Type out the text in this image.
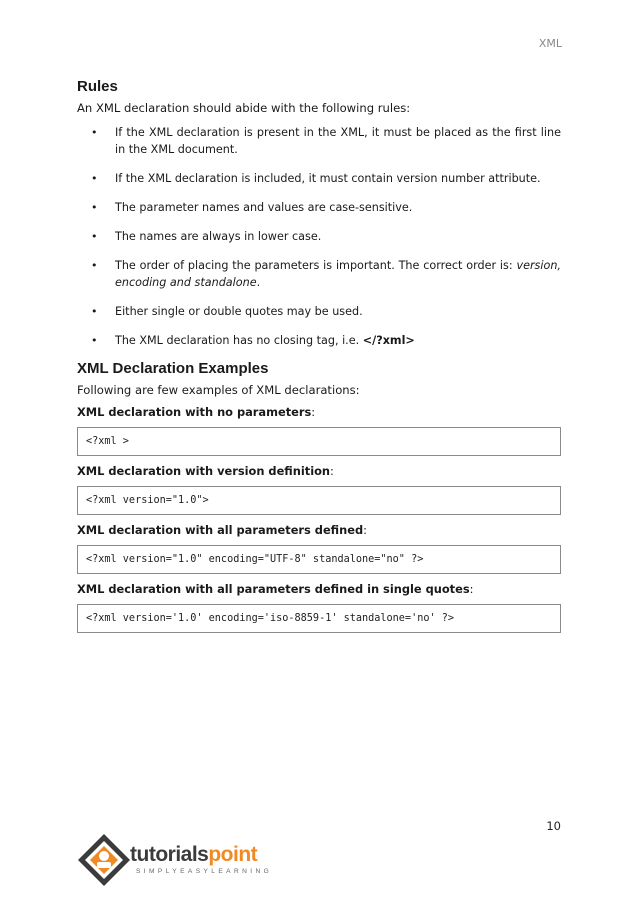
XML
Rules

An XML declaration should abide with the following rules:

• If the XML declaration is present in the XML, it must be placed as the first line in the XML document.
• If the XML declaration is included, it must contain version number attribute.
• The parameter names and values are case-sensitive.
• The names are always in lower case.
• The order of placing the parameters is important. The correct order is: version, encoding and standalone.
• Either single or double quotes may be used.
• The XML declaration has no closing tag, i.e. </?xml>
XML Declaration Examples

Following are few examples of XML declarations:

XML declaration with no parameters:

<?xml >

XML declaration with version definition:

<?xml version="1.0">

XML declaration with all parameters defined:

<?xml version="1.0" encoding="UTF-8" standalone="no" ?>

XML declaration with all parameters defined in single quotes:

<?xml version='1.0' encoding='iso-8859-1' standalone='no' ?>
10
tutorialspoint
SIMPLYEASYLEARNING
